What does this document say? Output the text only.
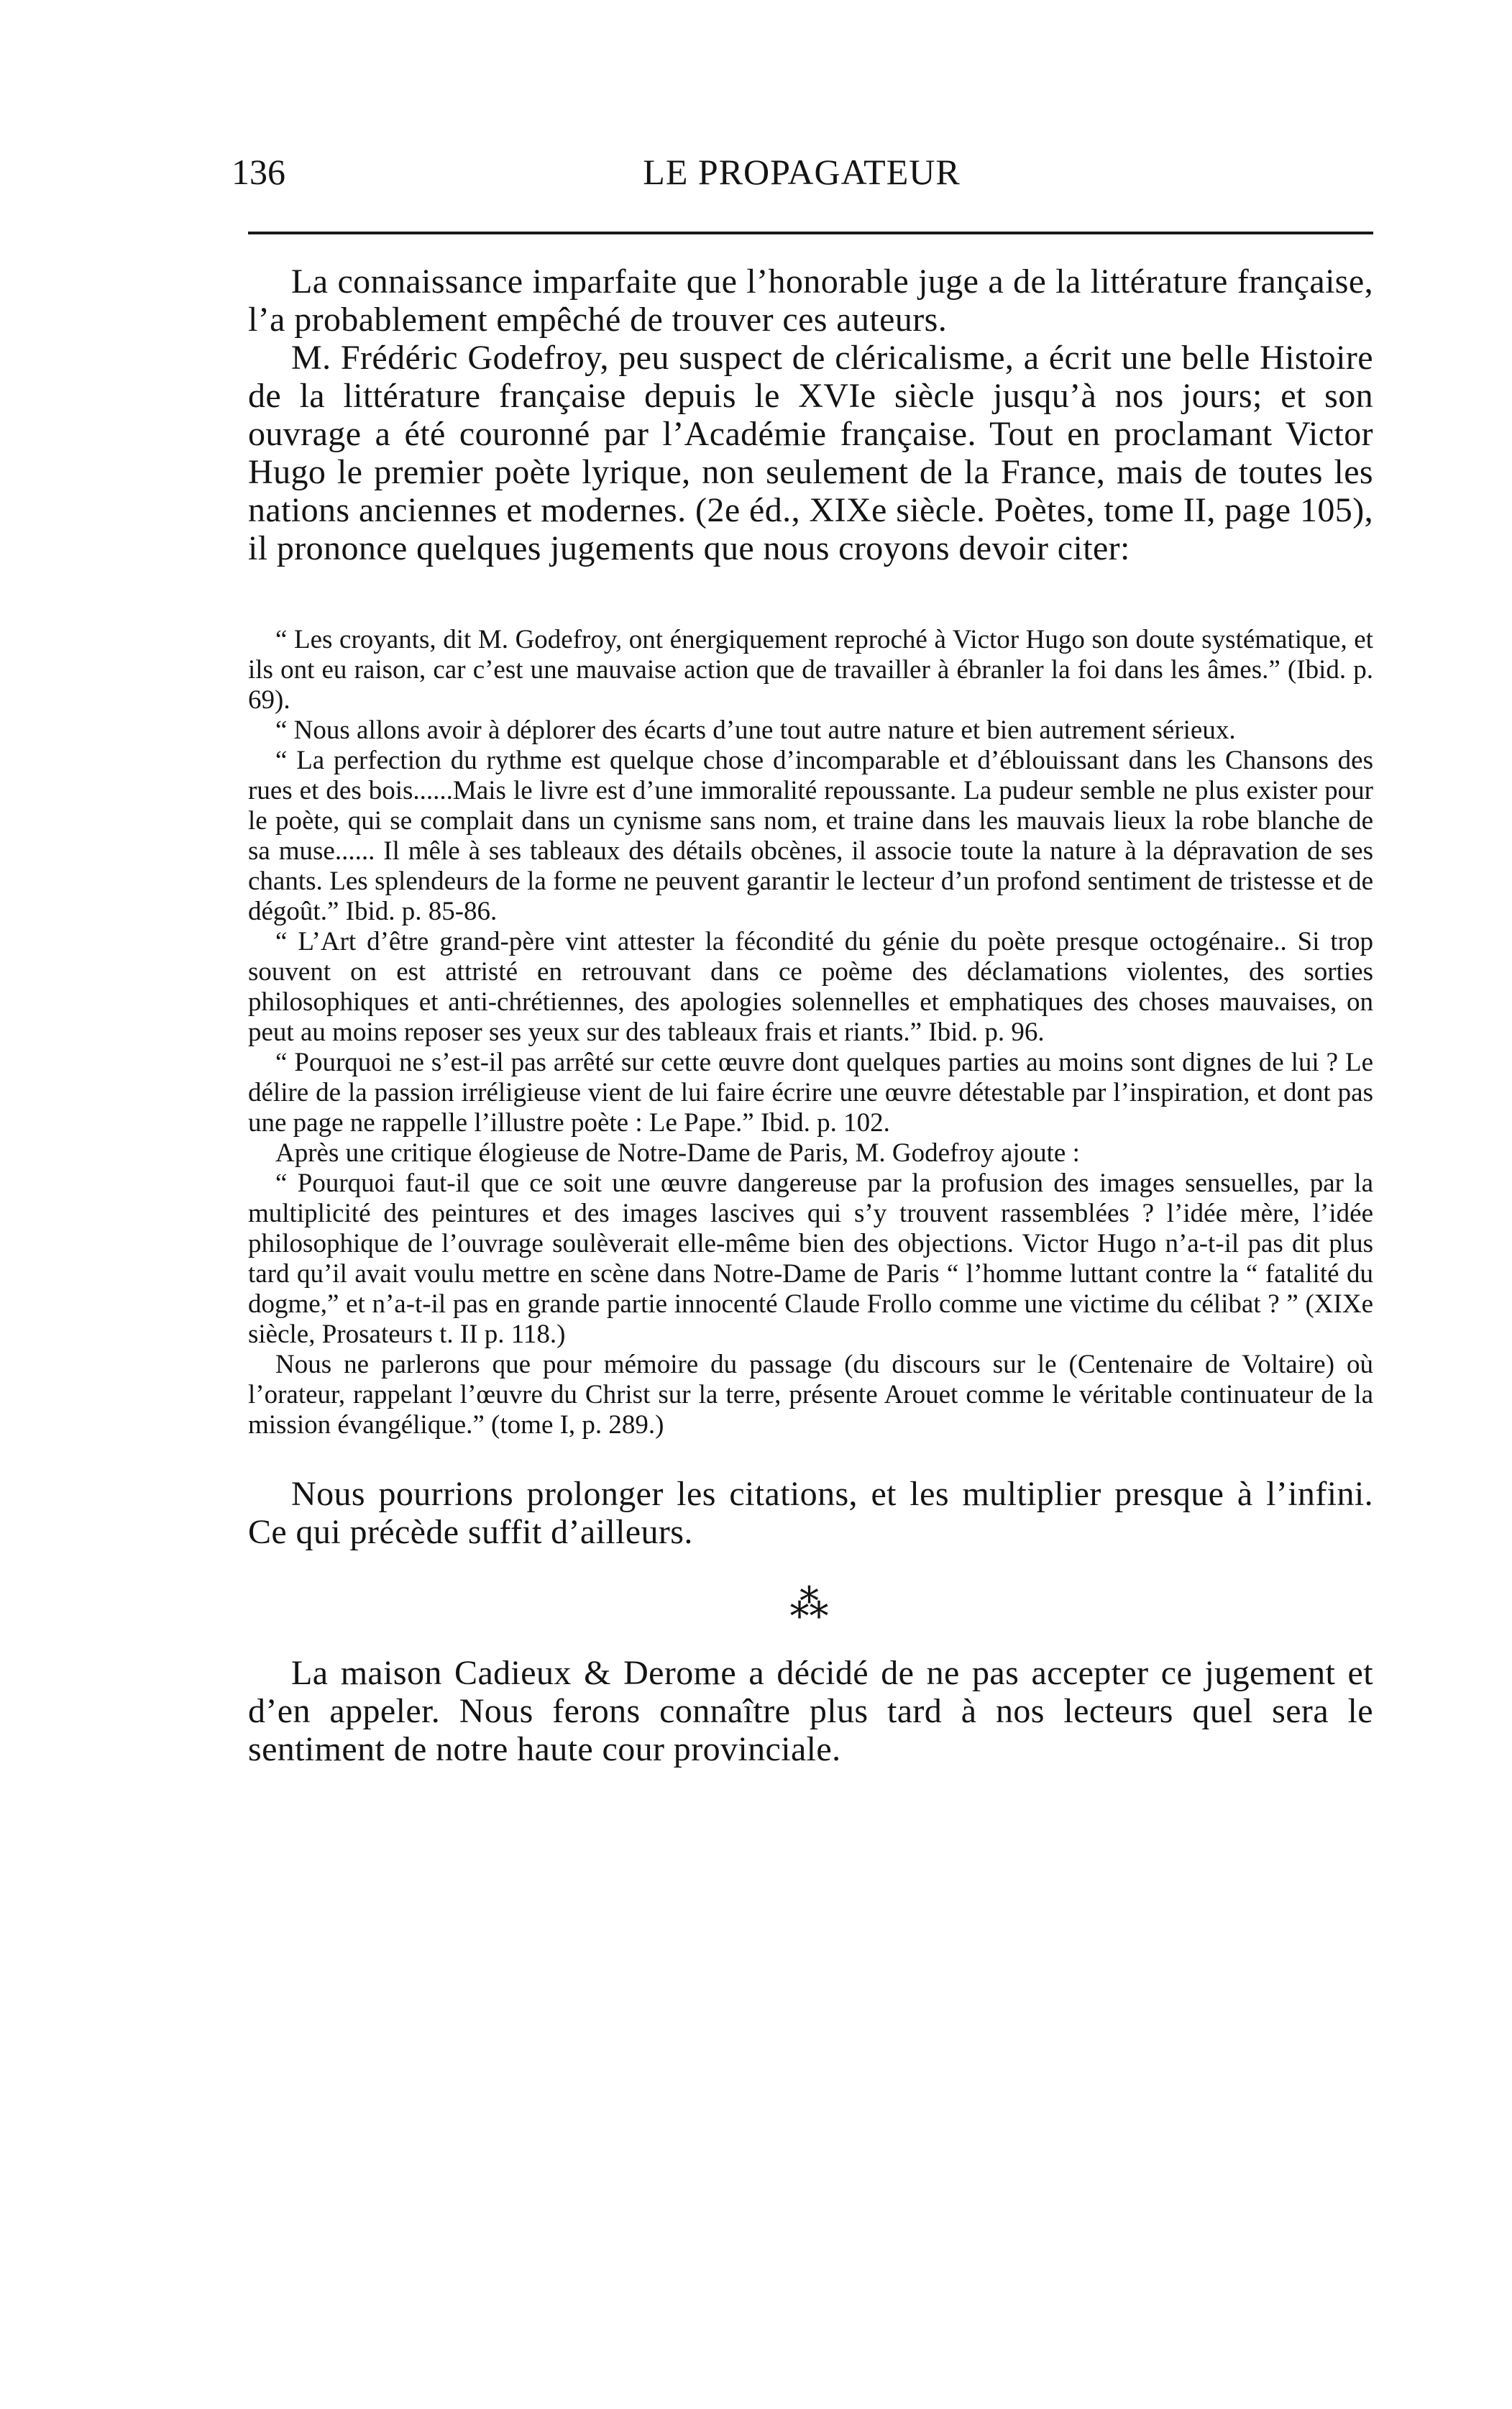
136	LE PROPAGATEUR

La connaissance imparfaite que l’honorable juge a de la littérature française, l’a probablement empêché de trouver ces auteurs.

M. Frédéric Godefroy, peu suspect de cléricalisme, a écrit une belle Histoire de la littérature française depuis le XVIe siècle jusqu’à nos jours; et son ouvrage a été couronné par l’Académie française. Tout en proclamant Victor Hugo le premier poète lyrique, non seulement de la France, mais de toutes les nations anciennes et modernes. (2e éd., XIXe siècle. Poètes, tome II, page 105), il prononce quelques jugements que nous croyons devoir citer:

“ Les croyants, dit M. Godefroy, ont énergiquement reproché à Victor Hugo son doute systématique, et ils ont eu raison, car c’est une mauvaise action que de travailler à ébranler la foi dans les âmes.” (Ibid. p. 69).

“ Nous allons avoir à déplorer des écarts d’une tout autre nature et bien autrement sérieux.

“ La perfection du rythme est quelque chose d’incomparable et d’éblouissant dans les Chansons des rues et des bois......Mais le livre est d’une immoralité repoussante. La pudeur semble ne plus exister pour le poète, qui se complait dans un cynisme sans nom, et traine dans les mauvais lieux la robe blanche de sa muse...... Il mêle à ses tableaux des détails obcènes, il associe toute la nature à la dépravation de ses chants. Les splendeurs de la forme ne peuvent garantir le lecteur d’un profond sentiment de tristesse et de dégoût.” Ibid. p. 85-86.

“ L’Art d’être grand-père vint attester la fécondité du génie du poète presque octogénaire.. Si trop souvent on est attristé en retrouvant dans ce poème des déclamations violentes, des sorties philosophiques et anti-chrétiennes, des apologies solennelles et emphatiques des choses mauvaises, on peut au moins reposer ses yeux sur des tableaux frais et riants.” Ibid. p. 96.

“ Pourquoi ne s’est-il pas arrêté sur cette œuvre dont quelques parties au moins sont dignes de lui ? Le délire de la passion irréligieuse vient de lui faire écrire une œuvre détestable par l’inspiration, et dont pas une page ne rappelle l’illustre poète : Le Pape.” Ibid. p. 102.

Après une critique élogieuse de Notre-Dame de Paris, M. Godefroy ajoute :

“ Pourquoi faut-il que ce soit une œuvre dangereuse par la profusion des images sensuelles, par la multiplicité des peintures et des images lascives qui s’y trouvent rassemblées ? l’idée mère, l’idée philosophique de l’ouvrage soulèverait elle-même bien des objections. Victor Hugo n’a-t-il pas dit plus tard qu’il avait voulu mettre en scène dans Notre-Dame de Paris “ l’homme luttant contre la “ fatalité du dogme,” et n’a-t-il pas en grande partie innocenté Claude Frollo comme une victime du célibat ? ” (XIXe siècle, Prosateurs t. II p. 118.)

Nous ne parlerons que pour mémoire du passage (du discours sur le (Centenaire de Voltaire) où l’orateur, rappelant l’œuvre du Christ sur la terre, présente Arouet comme le véritable continuateur de la mission évangélique.” (tome I, p. 289.)

Nous pourrions prolonger les citations, et les multiplier presque à l’infini. Ce qui précède suffit d’ailleurs.

⁂

La maison Cadieux & Derome a décidé de ne pas accepter ce jugement et d’en appeler. Nous ferons connaître plus tard à nos lecteurs quel sera le sentiment de notre haute cour provinciale.
